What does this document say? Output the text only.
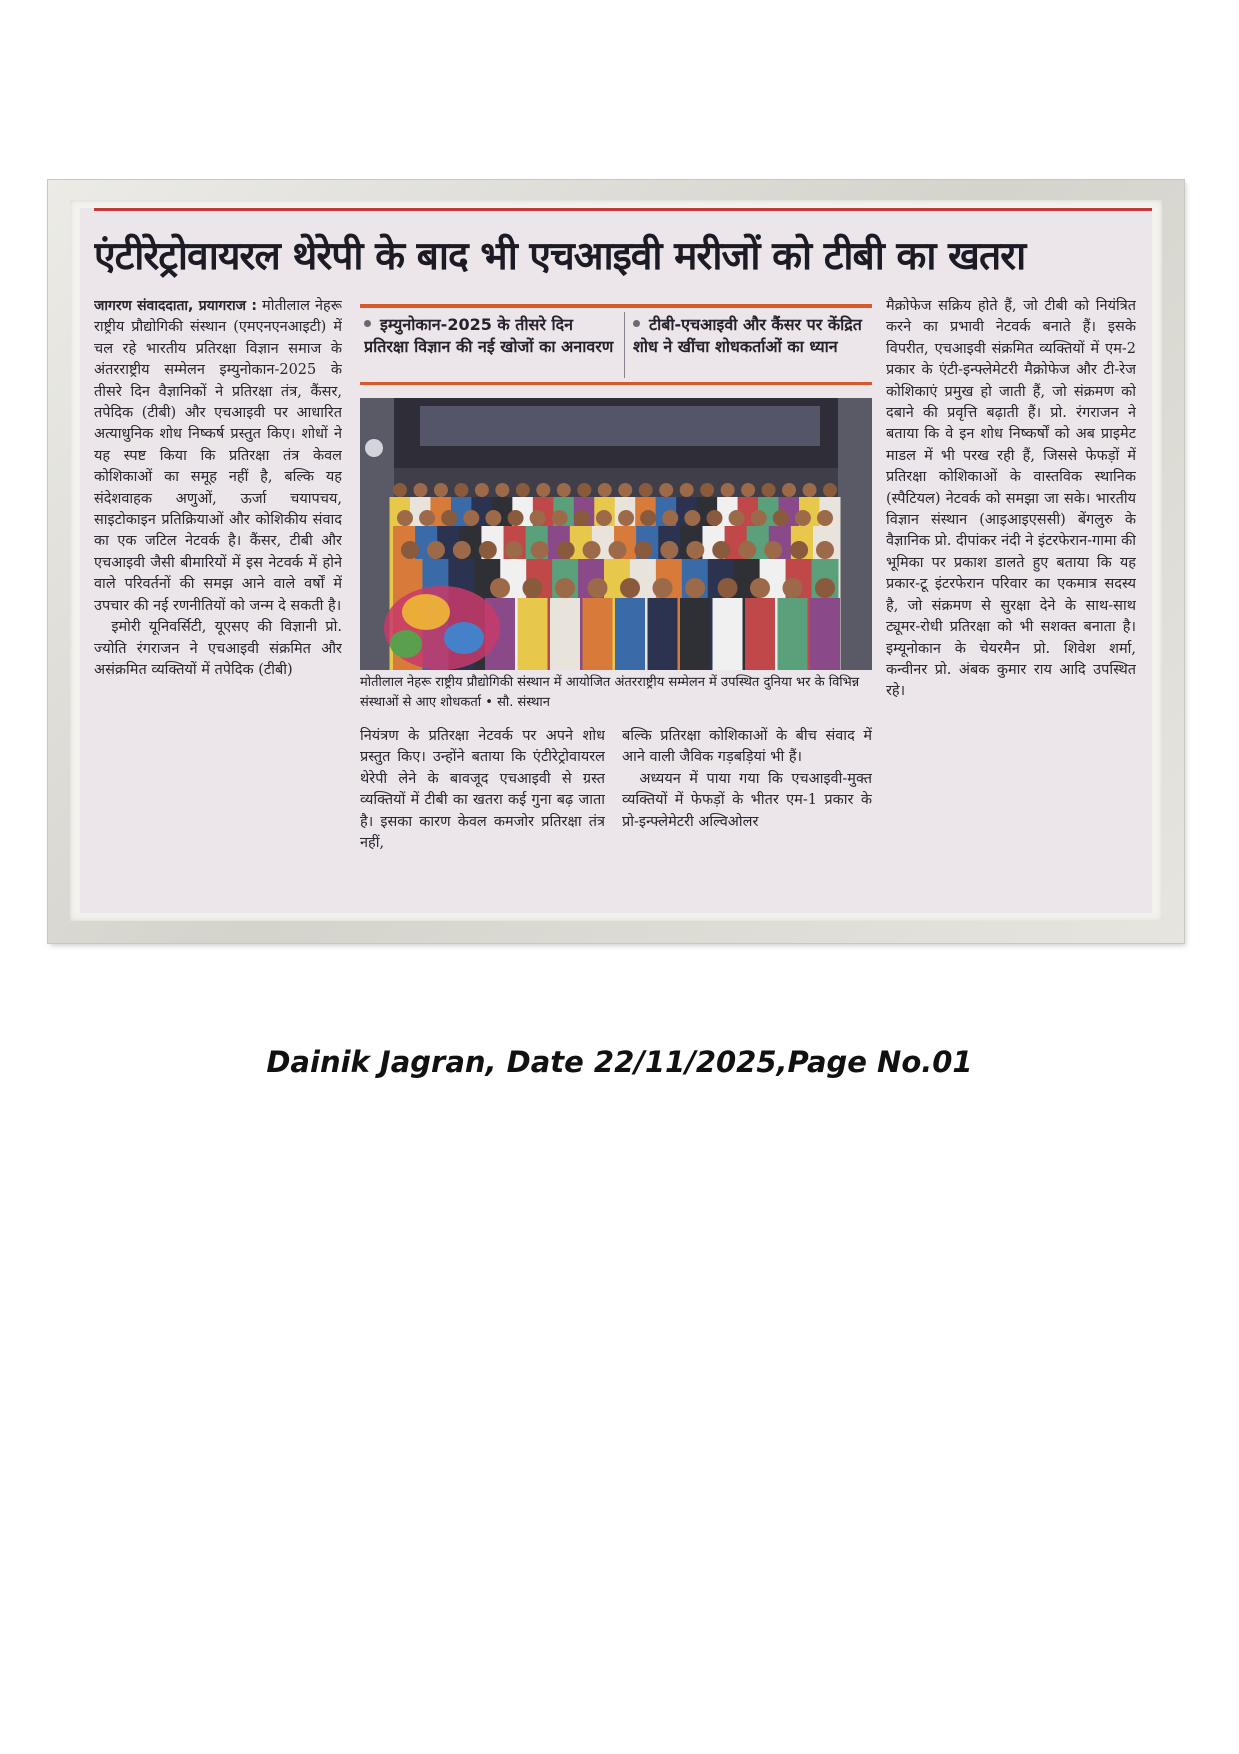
एंटीरेट्रोवायरल थेरेपी के बाद भी एचआइवी मरीजों को टीबी का खतरा

जागरण संवाददाता, प्रयागराज : मोतीलाल नेहरू राष्ट्रीय प्रौद्योगिकी संस्थान (एमएनएनआइटी) में चल रहे भारतीय प्रतिरक्षा विज्ञान समाज के अंतरराष्ट्रीय सम्मेलन इम्युनोकान-2025 के तीसरे दिन वैज्ञानिकों ने प्रतिरक्षा तंत्र, कैंसर, तपेदिक (टीबी) और एचआइवी पर आधारित अत्याधुनिक शोध निष्कर्ष प्रस्तुत किए। शोधों ने यह स्पष्ट किया कि प्रतिरक्षा तंत्र केवल कोशिकाओं का समूह नहीं है, बल्कि यह संदेशवाहक अणुओं, ऊर्जा चयापचय, साइटोकाइन प्रतिक्रियाओं और कोशिकीय संवाद का एक जटिल नेटवर्क है। कैंसर, टीबी और एचआइवी जैसी बीमारियों में इस नेटवर्क में होने वाले परिवर्तनों की समझ आने वाले वर्षों में उपचार की नई रणनीतियों को जन्म दे सकती है।

इमोरी यूनिवर्सिटी, यूएसए की विज्ञानी प्रो. ज्योति रंगराजन ने एचआइवी संक्रमित और असंक्रमित व्यक्तियों में तपेदिक (टीबी)

इम्युनोकान-2025 के तीसरे दिन प्रतिरक्षा विज्ञान की नई खोजों का अनावरण
टीबी-एचआइवी और कैंसर पर केंद्रित शोध ने खींचा शोधकर्ताओं का ध्यान
मोतीलाल नेहरू राष्ट्रीय प्रौद्योगिकी संस्थान में आयोजित अंतरराष्ट्रीय सम्मेलन में उपस्थित दुनिया भर के विभिन्न संस्थाओं से आए शोधकर्ता • सौ. संस्थान

नियंत्रण के प्रतिरक्षा नेटवर्क पर अपने शोध प्रस्तुत किए। उन्होंने बताया कि एंटीरेट्रोवायरल थेरेपी लेने के बावजूद एचआइवी से ग्रस्त व्यक्तियों में टीबी का खतरा कई गुना बढ़ जाता है। इसका कारण केवल कमजोर प्रतिरक्षा तंत्र नहीं,

बल्कि प्रतिरक्षा कोशिकाओं के बीच संवाद में आने वाली जैविक गड़बड़ियां भी हैं।

अध्ययन में पाया गया कि एचआइवी-मुक्त व्यक्तियों में फेफड़ों के भीतर एम-1 प्रकार के प्रो-इन्फ्लेमेटरी अल्विओलर

मैक्रोफेज सक्रिय होते हैं, जो टीबी को नियंत्रित करने का प्रभावी नेटवर्क बनाते हैं। इसके विपरीत, एचआइवी संक्रमित व्यक्तियों में एम-2 प्रकार के एंटी-इन्फ्लेमेटरी मैक्रोफेज और टी-रेज कोशिकाएं प्रमुख हो जाती हैं, जो संक्रमण को दबाने की प्रवृत्ति बढ़ाती हैं। प्रो. रंगराजन ने बताया कि वे इन शोध निष्कर्षों को अब प्राइमेट माडल में भी परख रही हैं, जिससे फेफड़ों में प्रतिरक्षा कोशिकाओं के वास्तविक स्थानिक (स्पैटियल) नेटवर्क को समझा जा सके। भारतीय विज्ञान संस्थान (आइआइएससी) बेंगलुरु के वैज्ञानिक प्रो. दीपांकर नंदी ने इंटरफेरान-गामा की भूमिका पर प्रकाश डालते हुए बताया कि यह प्रकार-टू इंटरफेरान परिवार का एकमात्र सदस्य है, जो संक्रमण से सुरक्षा देने के साथ-साथ ट्यूमर-रोधी प्रतिरक्षा को भी सशक्त बनाता है। इम्यूनोकान के चेयरमैन प्रो. शिवेश शर्मा, कन्वीनर प्रो. अंबक कुमार राय आदि उपस्थित रहे।

Dainik Jagran, Date 22/11/2025,Page No.01
